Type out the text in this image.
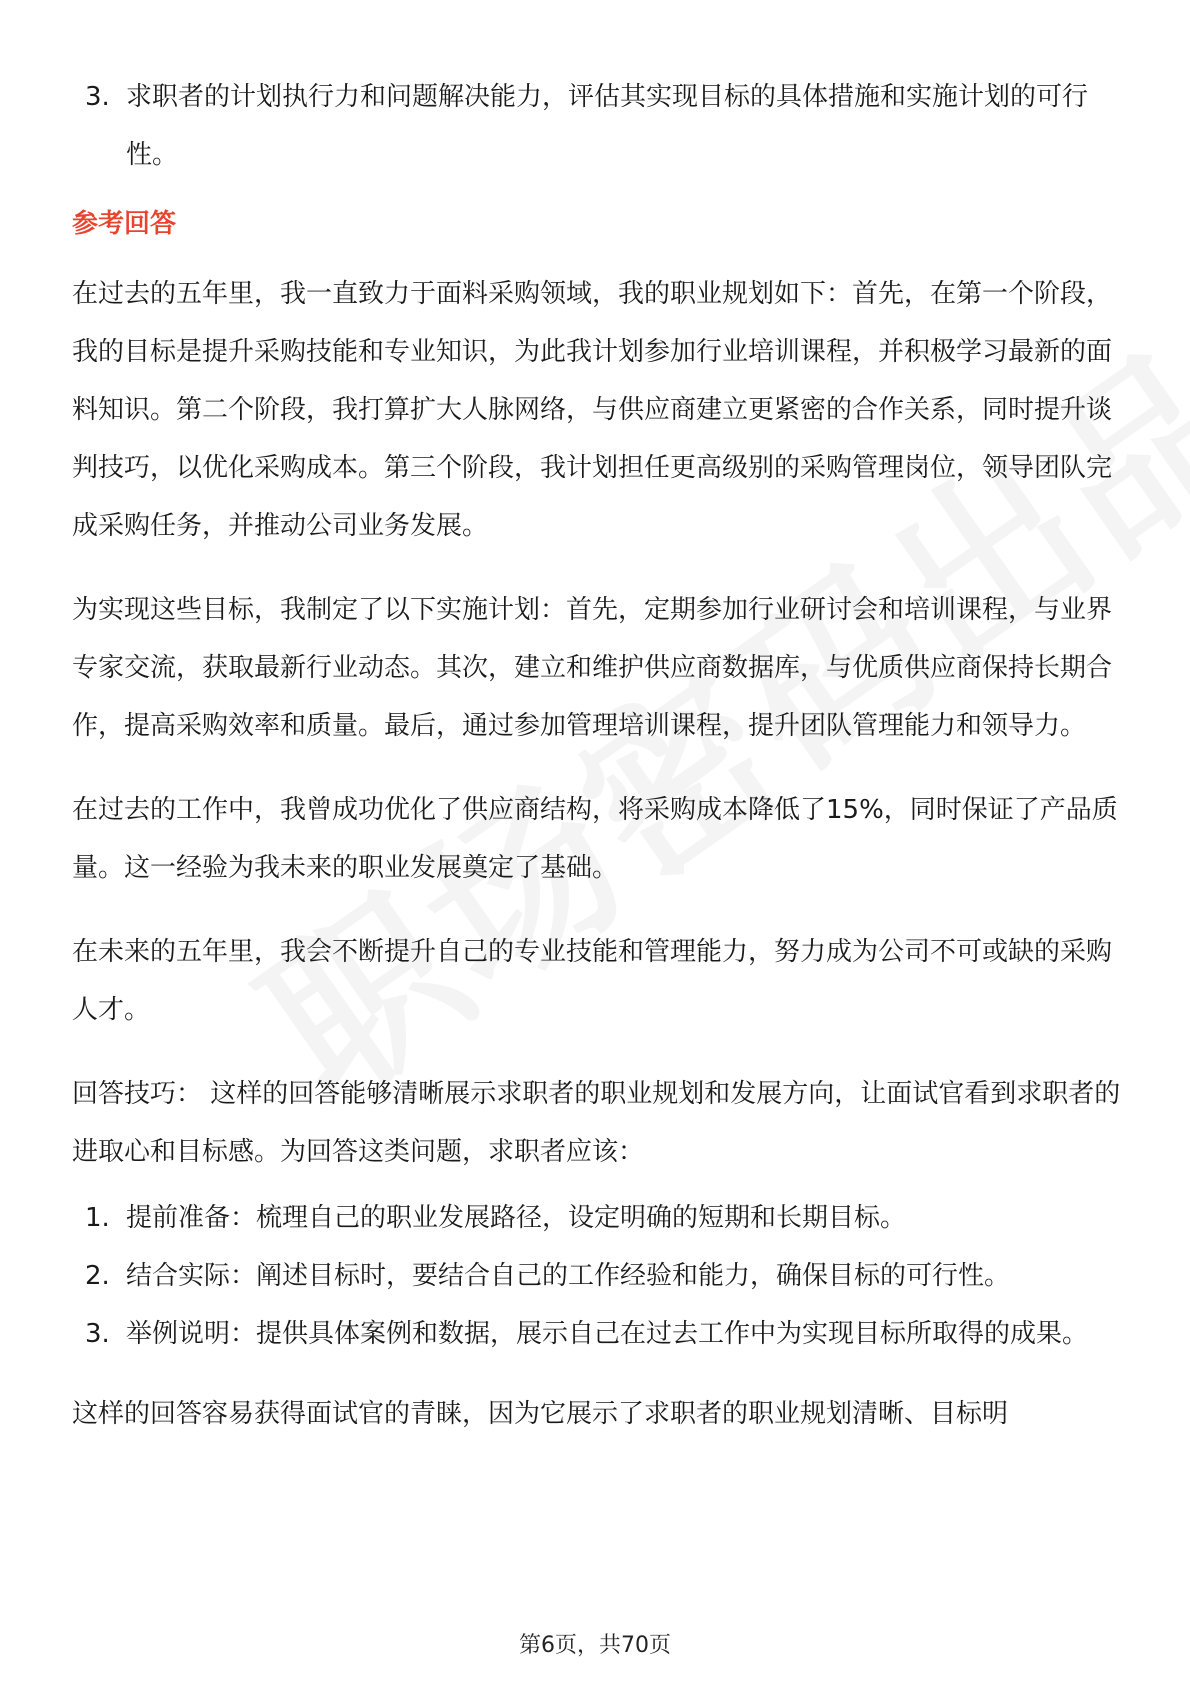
3. 求职者的计划执行力和问题解决能力，评估其实现目标的具体措施和实施计划的可行性。
参考回答

在过去的五年里，我一直致力于面料采购领域，我的职业规划如下：首先，在第一个阶段，我的目标是提升采购技能和专业知识，为此我计划参加行业培训课程，并积极学习最新的面料知识。第二个阶段，我打算扩大人脉网络，与供应商建立更紧密的合作关系，同时提升谈判技巧，以优化采购成本。第三个阶段，我计划担任更高级别的采购管理岗位，领导团队完成采购任务，并推动公司业务发展。

为实现这些目标，我制定了以下实施计划：首先，定期参加行业研讨会和培训课程，与业界专家交流，获取最新行业动态。其次，建立和维护供应商数据库，与优质供应商保持长期合作，提高采购效率和质量。最后，通过参加管理培训课程，提升团队管理能力和领导力。

在过去的工作中，我曾成功优化了供应商结构，将采购成本降低了15%，同时保证了产品质量。这一经验为我未来的职业发展奠定了基础。

在未来的五年里，我会不断提升自己的专业技能和管理能力，努力成为公司不可或缺的采购人才。

回答技巧： 这样的回答能够清晰展示求职者的职业规划和发展方向，让面试官看到求职者的进取心和目标感。为回答这类问题，求职者应该：

1. 提前准备：梳理自己的职业发展路径，设定明确的短期和长期目标。
2. 结合实际：阐述目标时，要结合自己的工作经验和能力，确保目标的可行性。
3. 举例说明：提供具体案例和数据，展示自己在过去工作中为实现目标所取得的成果。

这样的回答容易获得面试官的青睐，因为它展示了求职者的职业规划清晰、目标明

第6页，共70页
